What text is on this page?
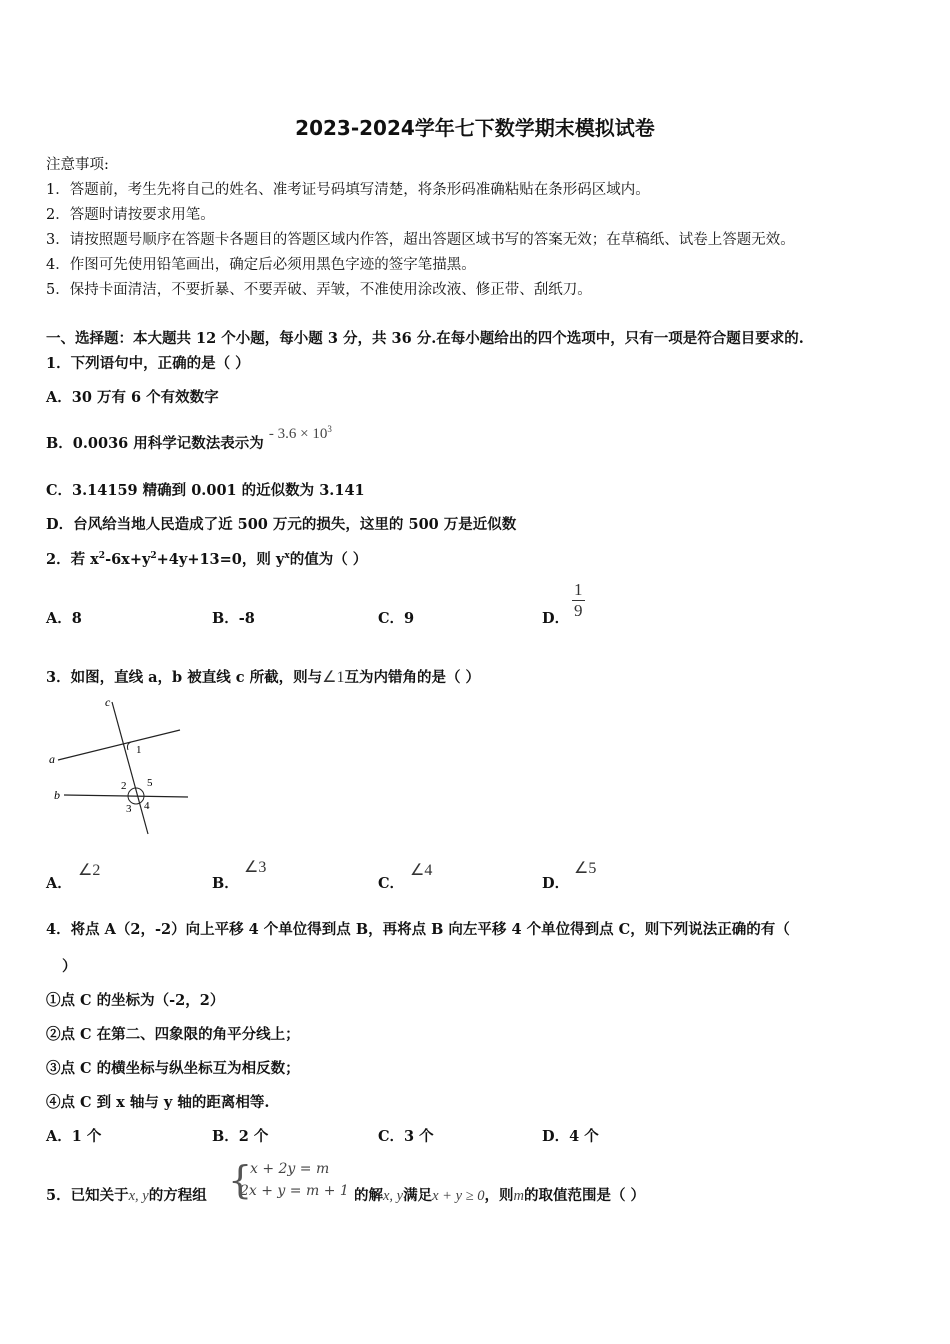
2023-2024学年七下数学期末模拟试卷
注意事项:
1．答题前，考生先将自己的姓名、准考证号码填写清楚，将条形码准确粘贴在条形码区域内。
2．答题时请按要求用笔。
3．请按照题号顺序在答题卡各题目的答题区域内作答，超出答题区域书写的答案无效；在草稿纸、试卷上答题无效。
4．作图可先使用铅笔画出，确定后必须用黑色字迹的签字笔描黑。
5．保持卡面清洁，不要折暴、不要弄破、弄皱，不准使用涂改液、修正带、刮纸刀。
一、选择题：本大题共 12 个小题，每小题 3 分，共 36 分.在每小题给出的四个选项中，只有一项是符合题目要求的.
1．下列语句中，正确的是（ ）
A．30 万有 6 个有效数字
B．0.0036 用科学记数法表示为 - $3.6 \times 10^3$
C．3.14159 精确到 0.001 的近似数为 3.141
D．台风给当地人民造成了近 500 万元的损失，这里的 500 万是近似数
2．若 $x^2-6x+y^2+4y+13=0$，则 $y^x$的值为（ ）
A．8	B．-8	C．9	D． $\frac{1}{9}$
3．如图，直线 a，b 被直线 c 所截，则与∠1互为内错角的是（ ）
c
a
b
1
2 5
3 4
A．
∠2
B．
∠3
C．
∠4
D．
∠5
4．将点 A（2，-2）向上平移 4 个单位得到点 B，再将点 B 向左平移 4 个单位得到点 C，则下列说法正确的有（
）
①点 C 的坐标为（-2，2）
②点 C 在第二、四象限的角平分线上；
③点 C 的横坐标与纵坐标互为相反数；
④点 C 到 x 轴与 y 轴的距离相等.
A．1 个	B．2 个	C．3 个	D．4 个
5．已知关于x, y的方程组 {
x + 2y = m
2x + y = m + 1 的解x, y满足x + y ≥ 0，则m的取值范围是（ ）
